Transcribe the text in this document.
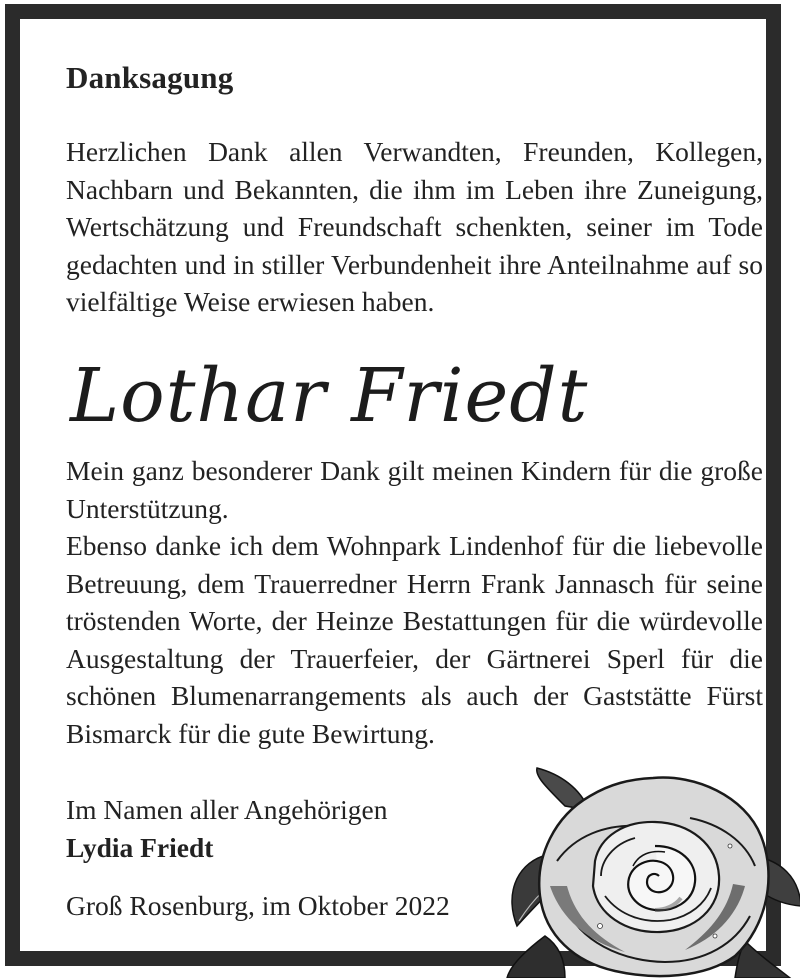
Danksagung

Herzlichen Dank allen Verwandten, Freunden, Kollegen, Nachbarn und Bekannten, die ihm im Leben ihre Zuneigung, Wertschätzung und Freundschaft schenkten, seiner im Tode gedachten und in stiller Verbundenheit ihre Anteilnahme auf so vielfältige Weise erwiesen haben.

Lothar Friedt

Mein ganz besonderer Dank gilt meinen Kindern für die große Unterstützung.

Ebenso danke ich dem Wohnpark Lindenhof für die liebevolle Betreuung, dem Trauerredner Herrn Frank Jannasch für seine tröstenden Worte, der Heinze Bestattungen für die würdevolle Ausgestaltung der Trauerfeier, der Gärtnerei Sperl für die schönen Blumenarrangements als auch der Gaststätte Fürst Bismarck für die gute Bewirtung.

Im Namen aller Angehörigen
Lydia Friedt
Groß Rosenburg, im Oktober 2022
